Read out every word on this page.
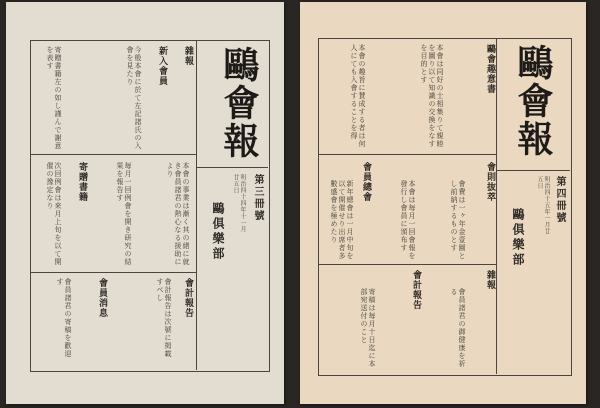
鷗會報
第三冊號
明治四十四年十一月廿五日
鷗俱樂部
雜報
新入會員
寄贈書籍
會計報告
會員消息
今般本會に於て左記諸氏の入會を見たり
本會の事業は漸く其の緒に就き會員諸君の熱心なる援助により
毎月一回例會を開き研究の結果を報告す
次回例會は來月上旬を以て開催の豫定なり
寄贈書籍左の如し謹んで謝意を表す
會計報告は次號に掲載すべし
會員諸君の寄稿を歡迎す
鷗會報
第四冊號
明治四十五年一月廿五日
鷗俱樂部
鷗會趣意書
會員總會	會則抜萃
雜報
會計報告
本會は同好の士相集りて親睦を圖り以て知識の交換をなすを目的とす
本會の趣旨に賛成する者は何人にても入會することを得
會費は一ヶ年金壹圓とし前納するものとす
本會は毎月一回會報を發行し會員に頒布す
新年總會は一月中旬を以て開催せり出席者多數盛會を極めたり
會員諸君の御健康を祈る
寄稿は毎月十日迄に本部宛送付のこと
